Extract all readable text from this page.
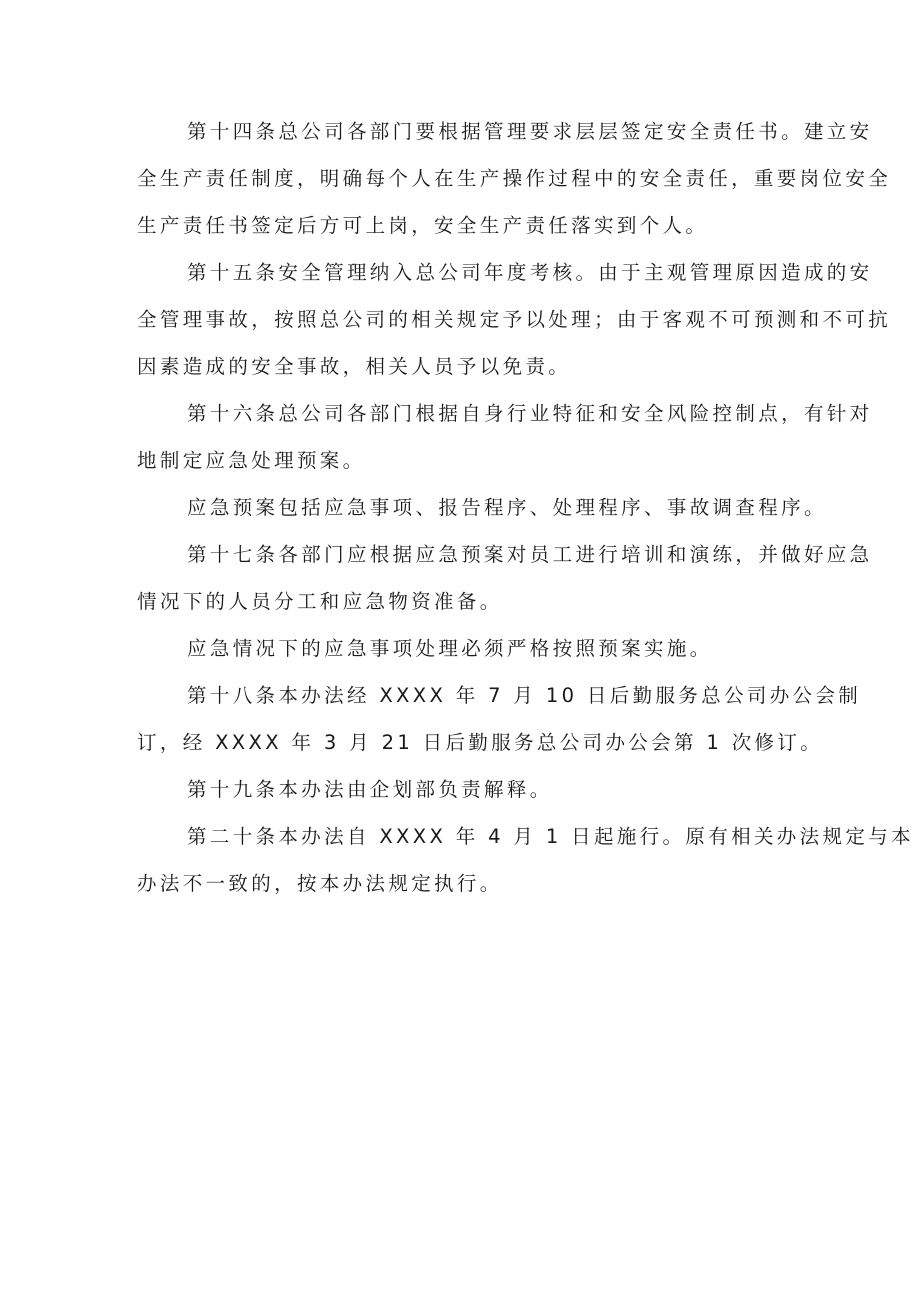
第十四条总公司各部门要根据管理要求层层签定安全责任书。建立安
全生产责任制度，明确每个人在生产操作过程中的安全责任，重要岗位安全
生产责任书签定后方可上岗，安全生产责任落实到个人。
第十五条安全管理纳入总公司年度考核。由于主观管理原因造成的安
全管理事故，按照总公司的相关规定予以处理；由于客观不可预测和不可抗
因素造成的安全事故，相关人员予以免责。
第十六条总公司各部门根据自身行业特征和安全风险控制点，有针对
地制定应急处理预案。
应急预案包括应急事项、报告程序、处理程序、事故调查程序。
第十七条各部门应根据应急预案对员工进行培训和演练，并做好应急
情况下的人员分工和应急物资准备。
应急情况下的应急事项处理必须严格按照预案实施。
第十八条本办法经 XXXX 年 7 月 10 日后勤服务总公司办公会制
订，经 XXXX 年 3 月 21 日后勤服务总公司办公会第 1 次修订。
第十九条本办法由企划部负责解释。
第二十条本办法自 XXXX 年 4 月 1 日起施行。原有相关办法规定与本
办法不一致的，按本办法规定执行。
